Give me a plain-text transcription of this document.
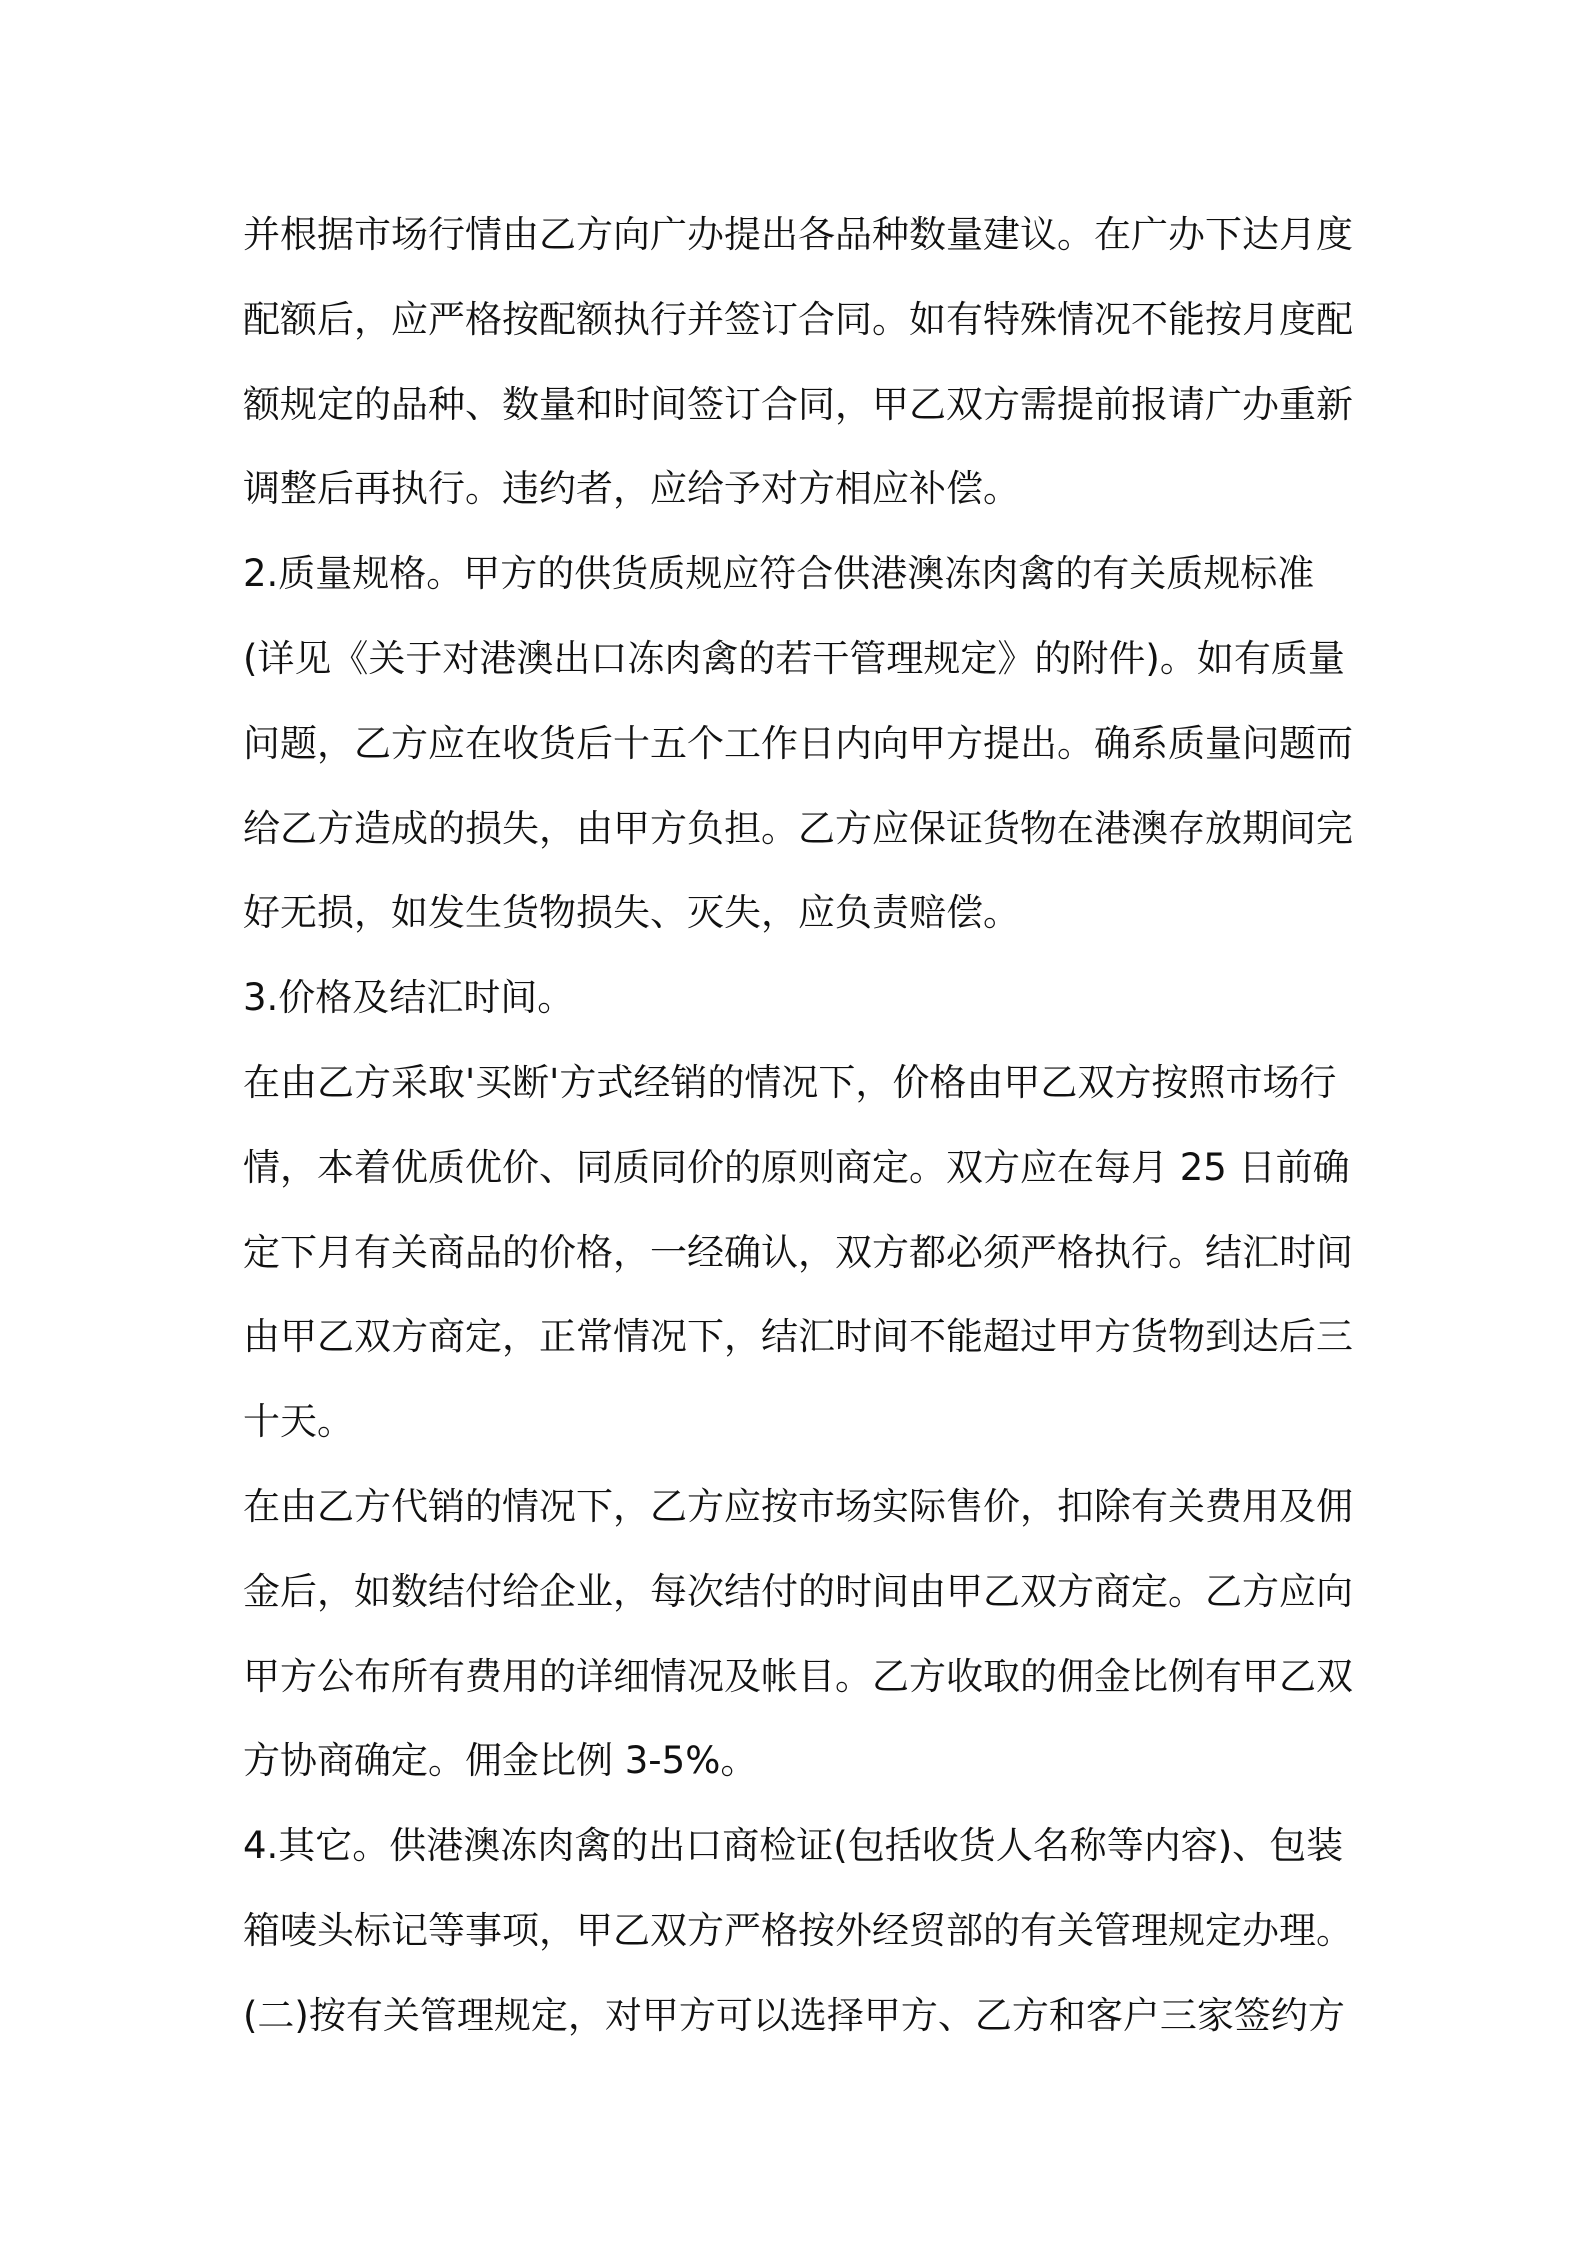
并根据市场行情由乙方向广办提出各品种数量建议。在广办下达月度
配额后，应严格按配额执行并签订合同。如有特殊情况不能按月度配
额规定的品种、数量和时间签订合同，甲乙双方需提前报请广办重新
调整后再执行。违约者，应给予对方相应补偿。
2.质量规格。甲方的供货质规应符合供港澳冻肉禽的有关质规标准
(详见《关于对港澳出口冻肉禽的若干管理规定》的附件)。如有质量
问题，乙方应在收货后十五个工作日内向甲方提出。确系质量问题而
给乙方造成的损失，由甲方负担。乙方应保证货物在港澳存放期间完
好无损，如发生货物损失、灭失，应负责赔偿。
3.价格及结汇时间。
在由乙方采取'买断'方式经销的情况下，价格由甲乙双方按照市场行
情，本着优质优价、同质同价的原则商定。双方应在每月 25 日前确
定下月有关商品的价格，一经确认，双方都必须严格执行。结汇时间
由甲乙双方商定，正常情况下，结汇时间不能超过甲方货物到达后三
十天。
在由乙方代销的情况下，乙方应按市场实际售价，扣除有关费用及佣
金后，如数结付给企业，每次结付的时间由甲乙双方商定。乙方应向
甲方公布所有费用的详细情况及帐目。乙方收取的佣金比例有甲乙双
方协商确定。佣金比例 3-5%。
4.其它。供港澳冻肉禽的出口商检证(包括收货人名称等内容)、包装
箱唛头标记等事项，甲乙双方严格按外经贸部的有关管理规定办理。
(二)按有关管理规定，对甲方可以选择甲方、乙方和客户三家签约方
